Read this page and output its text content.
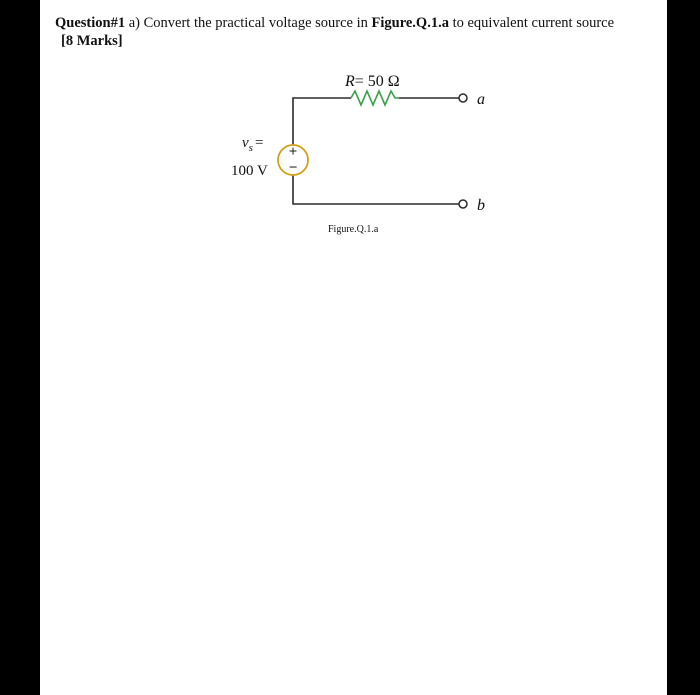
Question#1 a) Convert the practical voltage source in Figure.Q.1.a to equivalent current source
[8 Marks]
+
−
a
b
R= 50 Ω
$v_s$ =
100 V
Figure.Q.1.a
